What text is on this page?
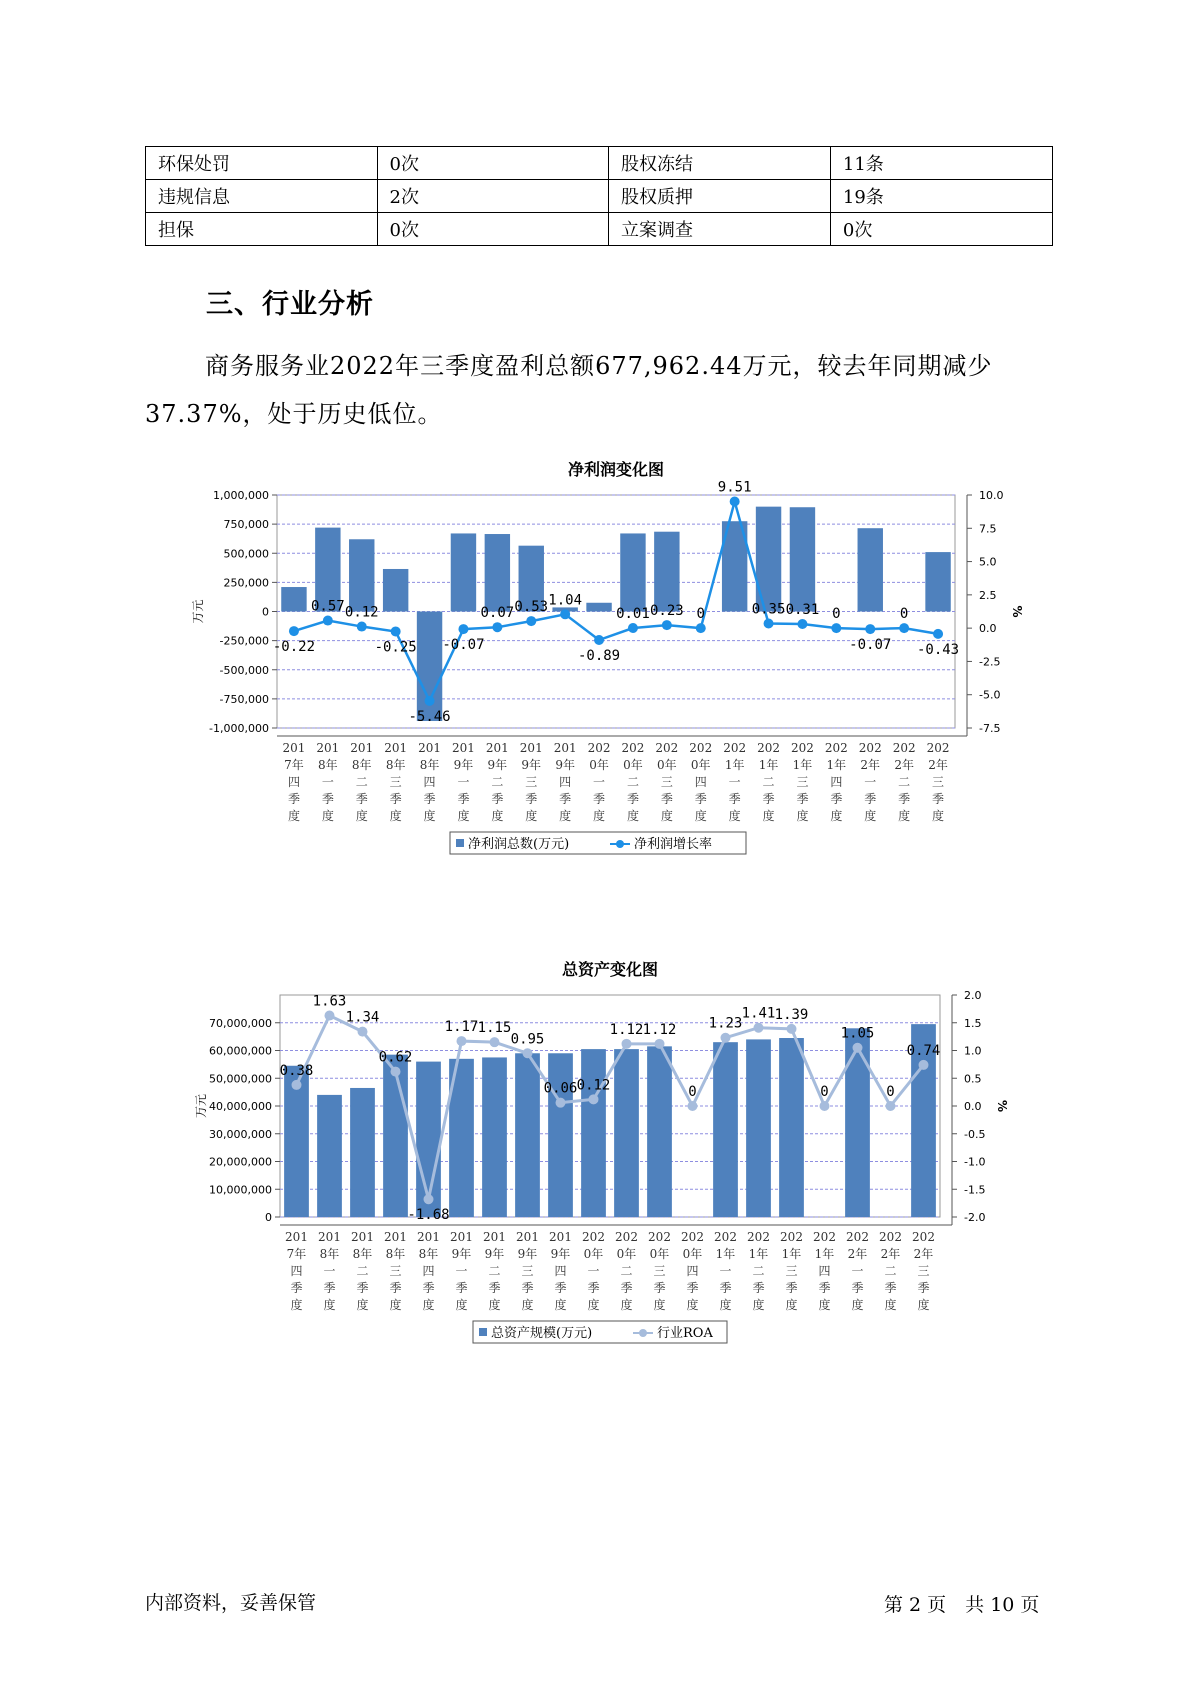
环保处罚	0次	股权冻结	11条
违规信息	2次	股权质押	19条
担保	0次	立案调查	0次
三、行业分析

商务服务业2022年三季度盈利总额677,962.44万元，较去年同期减少37.37%，处于历史低位。

净利润变化图
1,000,000
750,000
500,000
250,000
0
-250,000
-500,000
-750,000
-1,000,000
10.0
7.5
5.0
2.5
0.0
-2.5
-5.0
-7.5
万元	%
201 7年四季度
201 8年一季度
201 8年二季度
201 8年三季度
201 8年四季度
201 9年一季度
201 9年二季度
201 9年三季度
201 9年四季度
202 0年一季度
202 0年二季度
202 0年三季度
202 0年四季度
202 1年一季度
202 1年二季度
202 1年三季度
202 1年四季度
202 2年一季度
202 2年二季度
202 2年三季度
-0.22
0.57 0.12
-0.25
-5.46
-0.07
0.07 0.53 1.04
-0.89
0.01 0.23 0
9.51
0.35 0.31 0
-0.07
0
-0.43
净利润总数(万元)	净利润增长率
总资产变化图
70,000,000
60,000,000
50,000,000
40,000,000
30,000,000
20,000,000
10,000,000
0
2.0
1.5
1.0
0.5
0.0
-0.5
-1.0
-1.5
-2.0
万元	%
201 7年四季度
201 8年一季度
201 8年二季度
201 8年三季度
201 8年四季度
201 9年一季度
201 9年二季度
201 9年三季度
201 9年四季度
202 0年一季度
202 0年二季度
202 0年三季度
202 0年四季度
202 1年一季度
202 1年二季度
202 1年三季度
202 1年四季度
202 2年一季度
202 2年二季度
202 2年三季度
0.38
1.63
1.34
0.62
-1.68
1.17 1.15
0.95
0.06 0.12
1.12 1.12
0
1.23
1.41 1.39
0
1.05
0
0.74
总资产规模(万元)	行业ROA
内部资料，妥善保管	第 2 页　共 10 页
